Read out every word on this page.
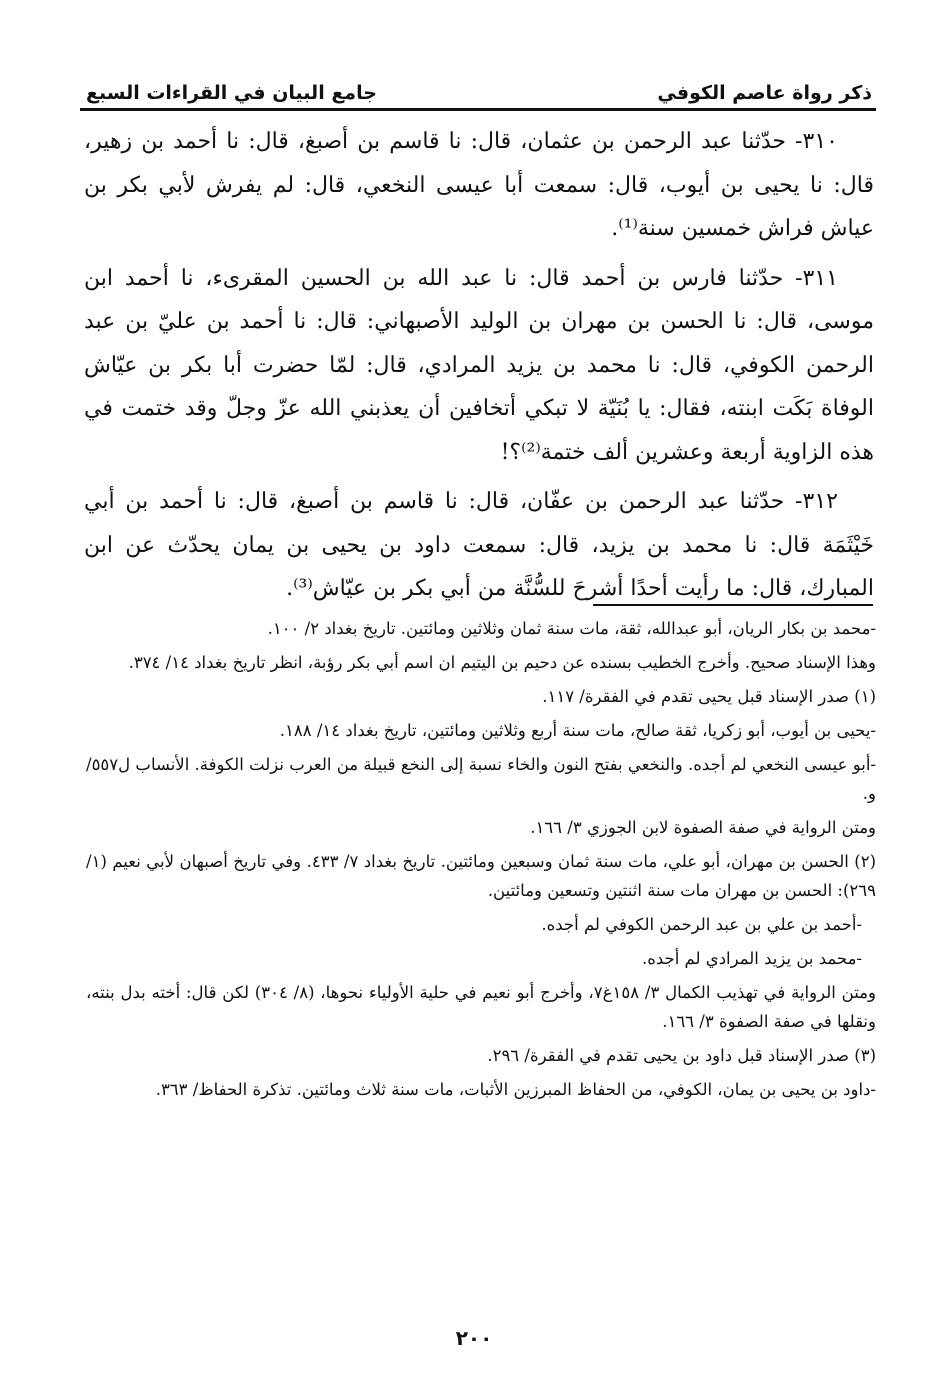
ذكر رواة عاصم الكوفي
جامع البيان في القراءات السبع

٣١٠- حدّثنا عبد الرحمن بن عثمان، قال: نا قاسم بن أصبغ، قال: نا أحمد بن زهير، قال: نا يحيى بن أيوب، قال: سمعت أبا عيسى النخعي، قال: لم يفرش لأبي بكر بن عياش فراش خمسين سنة⁽¹⁾.

٣١١- حدّثنا فارس بن أحمد قال: نا عبد الله بن الحسين المقرىء، نا أحمد ابن موسى، قال: نا الحسن بن مهران بن الوليد الأصبهاني: قال: نا أحمد بن عليّ بن عبد الرحمن الكوفي، قال: نا محمد بن يزيد المرادي، قال: لمّا حضرت أبا بكر بن عيّاش الوفاة بَكَت ابنته، فقال: يا بُنَيّة لا تبكي أتخافين أن يعذبني الله عزّ وجلّ وقد ختمت في هذه الزاوية أربعة وعشرين ألف ختمة⁽²⁾؟!

٣١٢- حدّثنا عبد الرحمن بن عفّان، قال: نا قاسم بن أصبغ، قال: نا أحمد بن أبي خَيْثَمَة قال: نا محمد بن يزيد، قال: سمعت داود بن يحيى بن يمان يحدّث عن ابن المبارك، قال: ما رأيت أحدًا أشرحَ للسُّنَّة من أبي بكر بن عيّاش⁽³⁾.

-محمد بن بكار الريان، أبو عبدالله، ثقة، مات سنة ثمان وثلاثين ومائتين. تاريخ بغداد ٢/ ١٠٠.

وهذا الإسناد صحيح. وأخرج الخطيب بسنده عن دحيم بن اليتيم ان اسم أبي بكر رؤبة، انظر تاريخ بغداد ١٤/ ٣٧٤.

(١) صدر الإسناد قبل يحيى تقدم في الفقرة/ ١١٧.

-يحيى بن أيوب، أبو زكريا، ثقة صالح، مات سنة أربع وثلاثين ومائتين، تاريخ بغداد ١٤/ ١٨٨.

-أبو عيسى النخعي لم أجده. والنخعي بفتح النون والخاء نسبة إلى النخع قبيلة من العرب نزلت الكوفة. الأنساب ل٥٥٧/ و.

ومتن الرواية في صفة الصفوة لابن الجوزي ٣/ ١٦٦.

(٢) الحسن بن مهران، أبو علي، مات سنة ثمان وسبعين ومائتين. تاريخ بغداد ٧/ ٤٣٣. وفي تاريخ أصبهان لأبي نعيم (١/ ٢٦٩): الحسن بن مهران مات سنة اثنتين وتسعين ومائتين.

-أحمد بن علي بن عبد الرحمن الكوفي لم أجده.

-محمد بن يزيد المرادي لم أجده.

ومتن الرواية في تهذيب الكمال ٣/ ١٥٨غ٧، وأخرج أبو نعيم في حلية الأولياء نحوها، (٨/ ٣٠٤) لكن قال: أخته بدل بنته، ونقلها في صفة الصفوة ٣/ ١٦٦.

(٣) صدر الإسناد قبل داود بن يحيى تقدم في الفقرة/ ٢٩٦.

-داود بن يحيى بن يمان، الكوفي، من الحفاظ المبرزين الأثبات، مات سنة ثلاث ومائتين. تذكرة الحفاظ/ ٣٦٣.

٢٠٠
